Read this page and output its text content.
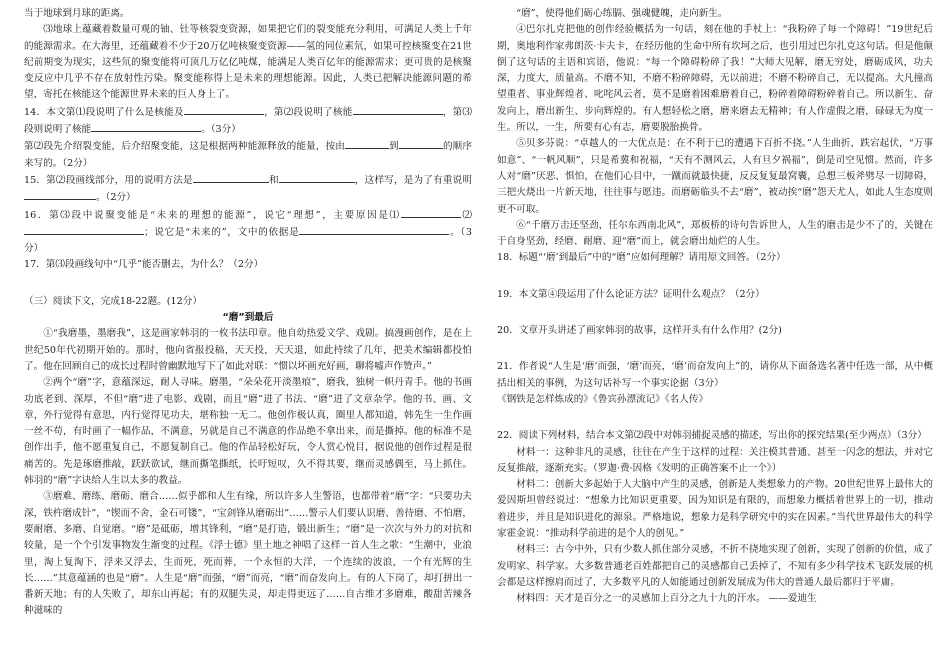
当于地球到月球的距离。

⑶地球上蕴藏着数量可观的铀、钍等核裂变资源，如果把它们的裂变能充分利用，可满足人类上千年的能源需求。在大海里，还蕴藏着不少于20万亿吨核聚变资源——氢的同位素氘，如果可控核聚变在21世纪前期变为现实，这些氘的聚变能将可顶几万亿亿吨煤，能满足人类百亿年的能源需求；更可贵的是核聚变反应中几乎不存在放射性污染。聚变能称得上是未来的理想能源。因此，人类已把解决能源问题的希望，寄托在核能这个能源世界未来的巨人身上了。

14．本文第⑴段说明了什么是核能及	，第⑵段说明了核能	，第⑶段则说明了核能	。（3分）

第⑵段先介绍裂变能，后介绍聚变能，这是根据两种能源释放的能量，按由	到	的顺序来写的。（2分）

15．第⑵段画线部分，用的说明方法是	和	，这样写，是为了有重说明。（2分）

16．第⑶段中说聚变能是“未来的理想的能源”，说它“理想”，主要原因是⑴	⑵；说它是“未来的”，文中的依据是	。（3分）

17．第⑶段画线句中“几乎”能否删去，为什么？（2分）

（三）阅读下文，完成18-22题。(12分）

“磨”到最后

①“我磨墨，墨磨我”，这是画家韩羽的一枚书法印章。他自幼热爱文学、戏剧。搞漫画创作，是在上世纪50年代初期开始的。那时，他向省报投稿，天天投，天天退，如此持续了几年，把美术编辑都投怕了。他在回顾自己的成长过程时曾幽默地写下了如此对联：“惯以坏画充好画，聊将嘘声作赞声。”

②两个“磨”字，意蕴深远，耐人寻味。磨墨，“朵朵花开淡墨痕”，磨我，独树一帜丹青手。他的书画功底老到、深厚，不但“磨”进了电影、戏剧，而且“磨”进了书法、“磨”进了文章杂学。他的书、画、文章，外行觉得有意思，内行觉得见功夫，堪称独一无二。他创作极认真，圈里人都知道，韩先生一生作画一丝不苟，有时画了一幅作品，不满意，另就是自己不满意的作品绝不拿出来，而是撕掉。他的标准不是创作出手，他不愿重复自己，不愿复制自己。他的作品轻松好玩，令人赏心悦目，据说他的创作过程是很痛苦的。先是琢磨推敲，跃跃欲试，继而撕笔撕纸，长吁短叹，久不得其要，继而灵感偶至，马上抓住。韩羽的“磨”字诀给人生以太多的教益。

③磨难、磨练、磨砺、磨合……似乎都和人生有缘，所以许多人生警语，也都带着“磨”字：“只要功夫深，铁杵磨成针”，“锲而不舍，金石可镂”，“宝剑锋从磨砺出”……警示人们要认识磨、善待磨、不怕磨，要耐磨、多磨、自觉磨。“磨”是砥砺，增其锋利，“磨”是打造，锻出新生；“磨”是一次次与外力的对抗和较量，是一个个引发事物发生渐变的过程。《浮士德》里土地之神唱了这样一首人生之歌：“生潮中，业浪里，淘上复淘下，浮来又浮去，生而死，死而葬，一个永恒的大洋，一个连续的波浪，一个有光辉的生长……”其意蕴涵的也是“磨”。人生是“磨”而强，“磨”而亮，“磨”而奋发向上。有的人下岗了，却打拼出一番新天地；有的人失败了，却东山再起；有的双腿失灵，却走得更远了……自古维才多磨难，酸甜苦辣各种滋味的

“磨”，使得他们砺心练膈、强魂健魄，走向新生。

④巴尔扎克把他的创作经验概括为一句话，刻在他的手杖上：“我粉碎了每一个障碍！”19世纪后期，奥地利作家弗朗茨·卡夫卡，在经历他的生命中所有坎坷之后，也引用过巴尔扎克这句话。但是他颠倒了这句话的主语和宾语，他说：“每一个障碍粉碎了我！”大师大见解，磨无穷处，磨砺成风，功夫深，力度大，质量高。不磨不知，不磨不粉碎障碍，无以前进；不磨不粉碎自己，无以提高。大凡撞高望重者、事业辉煌者、叱咤风云者，莫不是磨着困难磨着自己，粉碎着障碍粉碎着自己。所以新生、奋发向上，磨出新生、步向辉煌的。有人想轻松之磨，磨来磨去无精神；有人作虚假之磨，碌碌无为度一生。所以，一生，所要有心有志，磨要脱胎换骨。

⑤贝多芬说：“卓越人的一大优点是：在不利于已的遭遇下百折不挠。”人生曲折，跌宕起伏，“万事如意”、“一帆风顺”，只是希冀和祝福，“天有不测风云，人有旦夕祸福”，倒是司空见惯。然而，许多人对“磨”厌恶、惧怕，在他们心目中，一蹴而就最快捷，反反复复最窝囊，总想三板斧劈尽一切障碍，三把火烧出一片新天地，往往事与愿违。而磨砺临头不去“磨”，被动挨“磨”怨天尤人，如此人生态度则更不可取。

⑥“千磨万击还坚劲，任尔东西南北风”，郑板桥的诗句告诉世人，人生的磨击是少不了的，关键在于自身坚劲，经磨、耐磨、迎“磨”而上，就会磨出灿烂的人生。

18．标题“‘磨’到最后”中的“磨”应如何理解？请用原文回答。（2分）

19．本文第④段运用了什么论证方法？证明什么观点？（2分）

20．文章开头讲述了画家韩羽的故事，这样开头有什么作用？(2分)

21．作者说“人生是‘磨’而强，‘磨’而亮，‘磨’而奋发向上”的，请你从下面备选名著中任选一部，从中概括出相关的事例，为这句话补写一个事实论据（3分）

《钢铁是怎样炼成的》《鲁宾孙漂流记》《名人传》

22．阅读下列材料，结合本文第⑵段中对韩羽捕捉灵感的描述，写出你的探究结果(至少两点）（3分）

材料一：这种非凡的灵感，往往在产生于这样的过程：关注模其普通、甚至一闪念的想法，并对它反复推敲，逐渐充实。（罗迦·费·因格《发明的正确答案不止一个》）

材料二：创新大多起始于人大脑中产生的灵感，创新是人类想象力的产物。20世纪世界上最伟大的爱因斯坦曾经说过：“想象力比知识更重要，因为知识是有限的，而想象力概括着世界上的一切，推动着进步，并且是知识进化的源泉。严格地说，想象力是科学研究中的实在因素。”当代世界最伟大的科学家霍金说：“推动科学前进的是个人的创见。”

材料三：古今中外，只有少数人抓住部分灵感，不折不挠地实现了创新，实现了创新的价值，成了发明家、科学家。大多数普通老百姓都把自己的灵感都自己丢掉了，不知有多少科学技术飞跃发展的机会都是这样擦肩而过了，大多数平凡的人如能通过创新发展成为伟大的普通人最后都归于平庸。

材料四：天才是百分之一的灵感加上百分之九十九的汗水。 ——爱迪生
